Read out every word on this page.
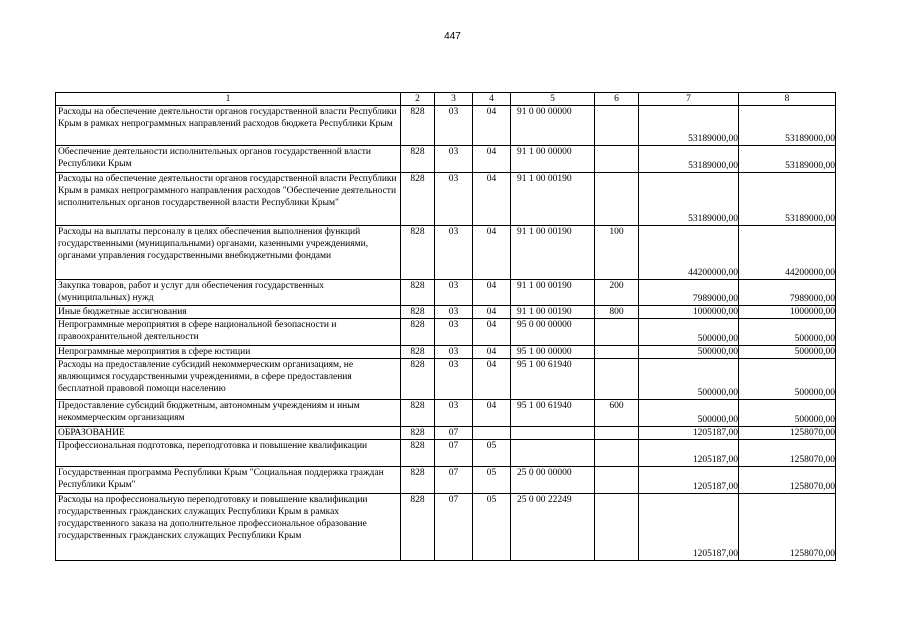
447
1	2	3	4	5	6	7	8
Расходы на обеспечение деятельности органов государственной власти Республики Крым в рамках непрограммных направлений расходов бюджета Республики Крым	828	03	04	91 0 00 00000		53189000,00	53189000,00
Обеспечение деятельности исполнительных органов государственной власти Республики Крым	828	03	04	91 1 00 00000		53189000,00	53189000,00
Расходы на обеспечение деятельности органов государственной власти Республики Крым в рамках непрограммного направления расходов "Обеспечение деятельности исполнительных органов государственной власти Республики Крым"	828	03	04	91 1 00 00190		53189000,00	53189000,00
Расходы на выплаты персоналу в целях обеспечения выполнения функций государственными (муниципальными) органами, казенными учреждениями, органами управления государственными внебюджетными фондами	828	03	04	91 1 00 00190	100	44200000,00	44200000,00
Закупка товаров, работ и услуг для обеспечения государственных (муниципальных) нужд	828	03	04	91 1 00 00190	200	7989000,00	7989000,00
Иные бюджетные ассигнования	828	03	04	91 1 00 00190	800	1000000,00	1000000,00
Непрограммные мероприятия в сфере национальной безопасности и правоохранительной деятельности	828	03	04	95 0 00 00000		500000,00	500000,00
Непрограммные мероприятия в сфере юстиции	828	03	04	95 1 00 00000		500000,00	500000,00
Расходы на предоставление субсидий некоммерческим организациям, не являющимся государственными учреждениями, в сфере предоставления бесплатной правовой помощи населению	828	03	04	95 1 00 61940		500000,00	500000,00
Предоставление субсидий бюджетным, автономным учреждениям и иным некоммерческим организациям	828	03	04	95 1 00 61940	600	500000,00	500000,00
ОБРАЗОВАНИЕ	828	07				1205187,00	1258070,00
Профессиональная подготовка, переподготовка и повышение квалификации	828	07	05			1205187,00	1258070,00
Государственная программа Республики Крым "Социальная поддержка граждан Республики Крым"	828	07	05	25 0 00 00000		1205187,00	1258070,00
Расходы на профессиональную переподготовку и повышение квалификации государственных гражданских служащих Республики Крым в рамках государственного заказа на дополнительное профессиональное образование государственных гражданских служащих Республики Крым	828	07	05	25 0 00 22249		1205187,00	1258070,00
